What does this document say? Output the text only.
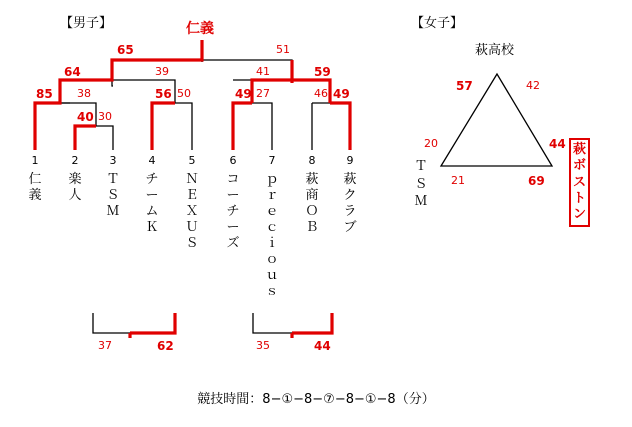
【男子】	仁義
65	51
64	39	41	59
85 38
40 30
56 50	49 27	46 49
1	2	3	4	5	6	7	8	9
仁
義
楽
人
Ｔ
Ｓ
Ｍ
チ
ー
ム
Ｋ
Ｎ
Ｅ
Ｘ
Ｕ
Ｓ
コ
ー
チ
ー
ズ
ｐ
ｒ
ｅ
ｃ
ｉ
ｏ
ｕ
ｓ
萩
商
Ｏ
Ｂ
萩
ク
ラ
ブ
37	62	35	44
【女子】
萩高校
57	42
20	44
21	69
Ｔ
Ｓ
Ｍ
萩
ボ
ス
ト
ン
競技時間：8−①−8−⑦−8−①−8（分）
